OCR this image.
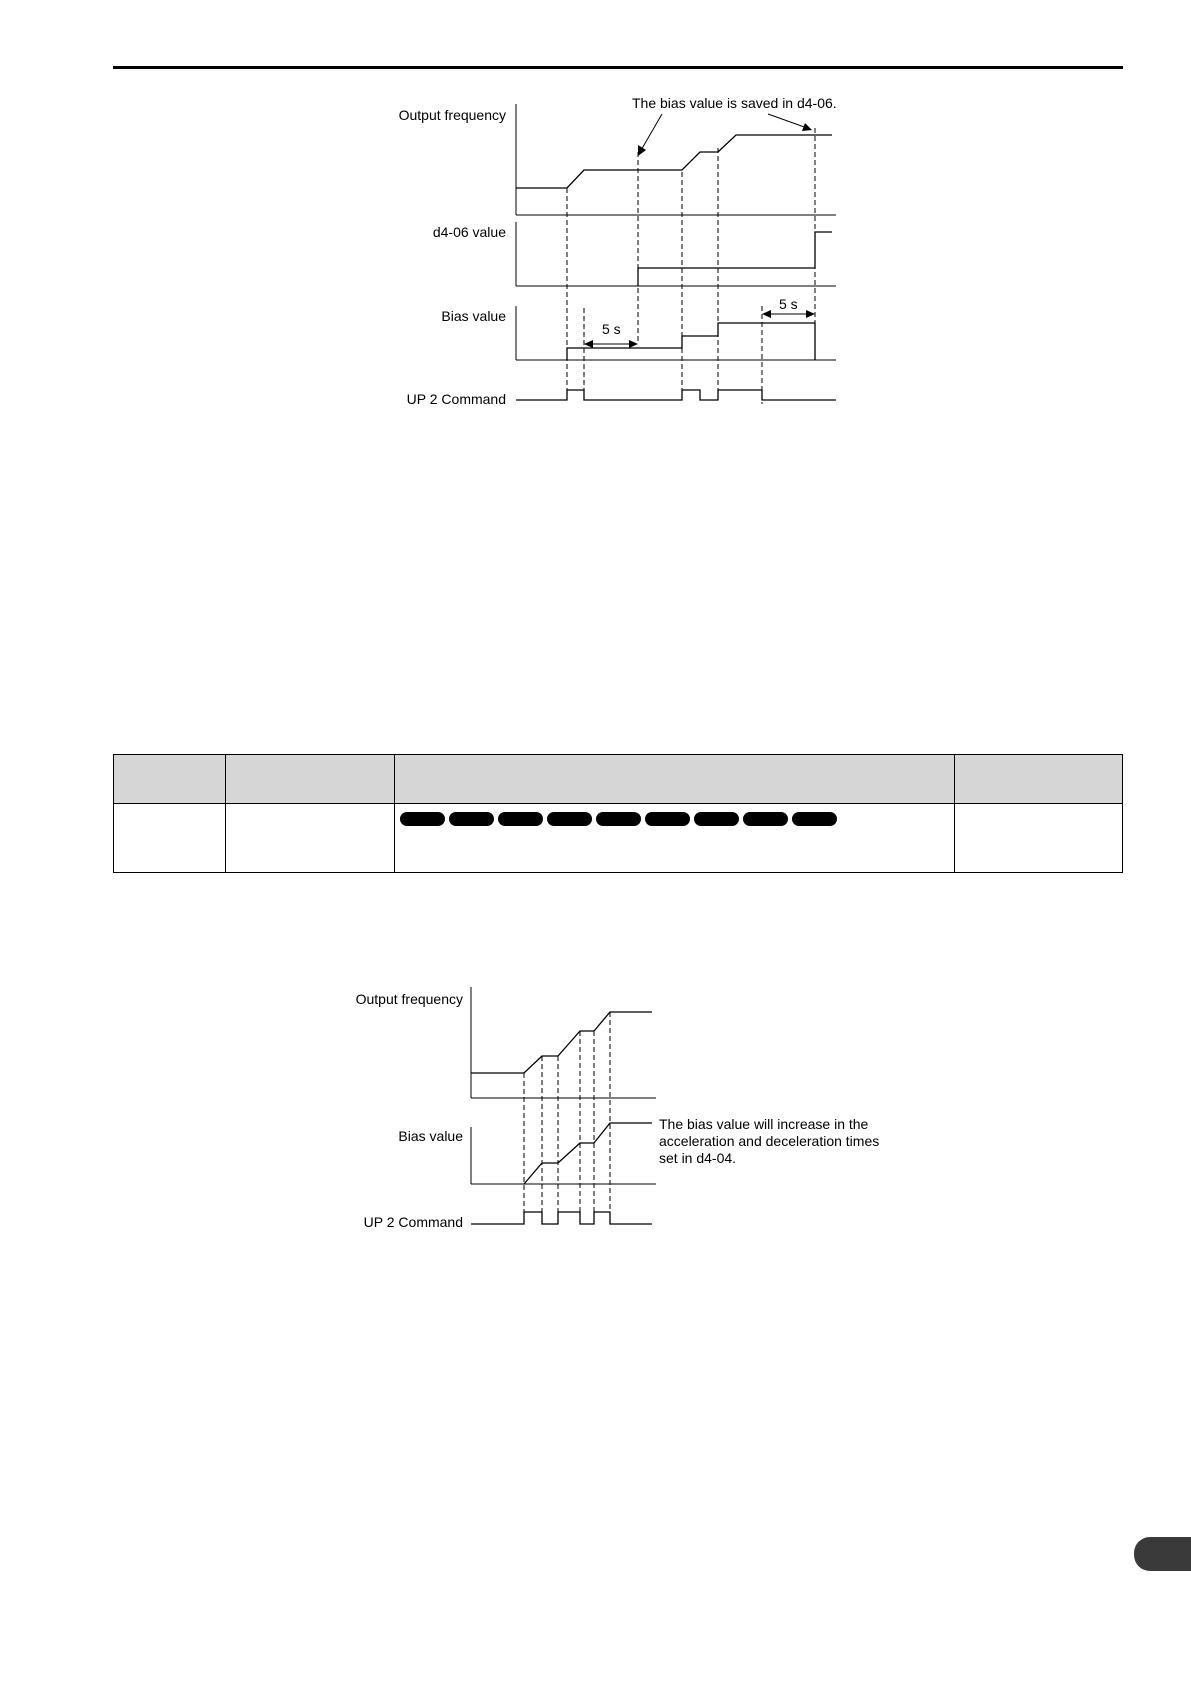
Output frequency
d4-06 value
Bias value
UP 2 Command
The bias value is saved in d4-06.
5 s
5 s

Output frequency
Bias value
UP 2 Command
The bias value will increase in the
acceleration and deceleration times
set in d4-04.
